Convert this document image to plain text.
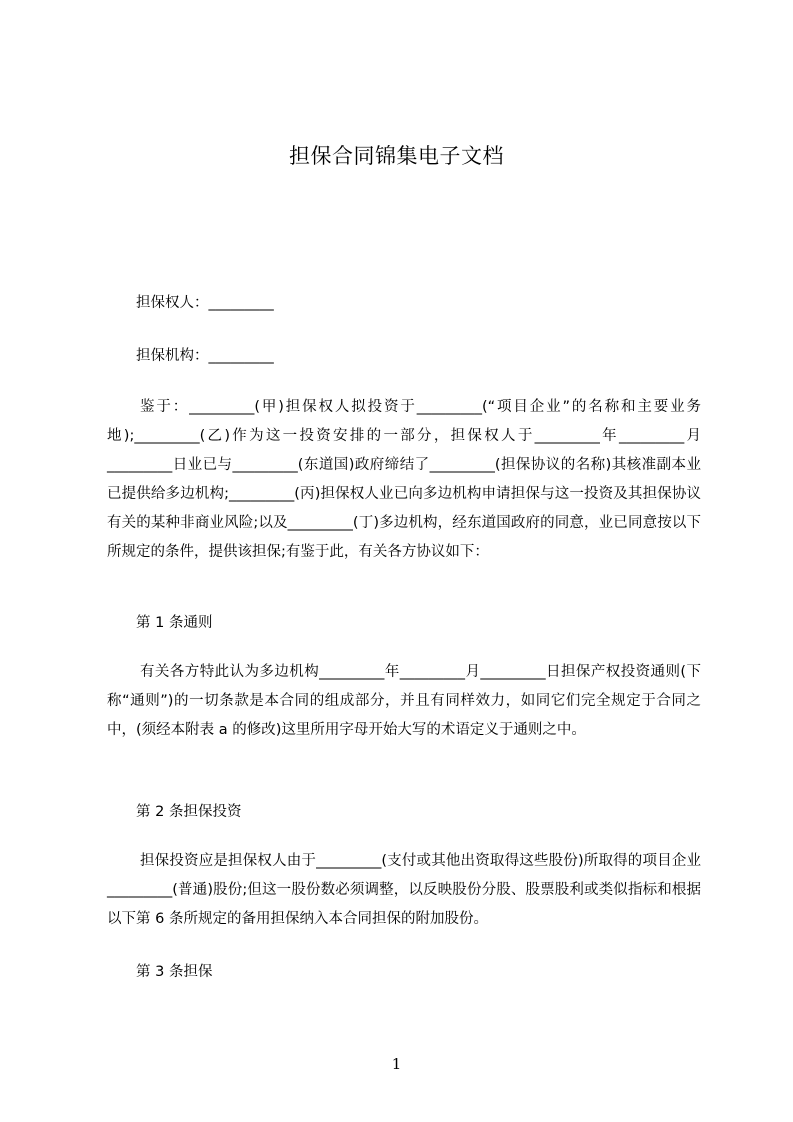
担保合同锦集电子文档
担保权人：_________
担保机构：_________

鉴于：_________(甲)担保权人拟投资于_________(“项目企业”的名称和主要业务地);_________(乙)作为这一投资安排的一部分，担保权人于_________年_________月_________日业已与_________(东道国)政府缔结了_________(担保协议的名称)其核准副本业已提供给多边机构;_________(丙)担保权人业已向多边机构申请担保与这一投资及其担保协议有关的某种非商业风险;以及_________(丁)多边机构，经东道国政府的同意，业已同意按以下所规定的条件，提供该担保;有鉴于此，有关各方协议如下：

第 1 条通则

有关各方特此认为多边机构_________年_________月_________日担保产权投资通则(下称“通则”)的一切条款是本合同的组成部分，并且有同样效力，如同它们完全规定于合同之中，(须经本附表 a 的修改)这里所用字母开始大写的术语定义于通则之中。

第 2 条担保投资

担保投资应是担保权人由于_________(支付或其他出资取得这些股份)所取得的项目企业_________(普通)股份;但这一股份数必须调整，以反映股份分股、股票股利或类似指标和根据以下第 6 条所规定的备用担保纳入本合同担保的附加股份。

第 3 条担保
1
